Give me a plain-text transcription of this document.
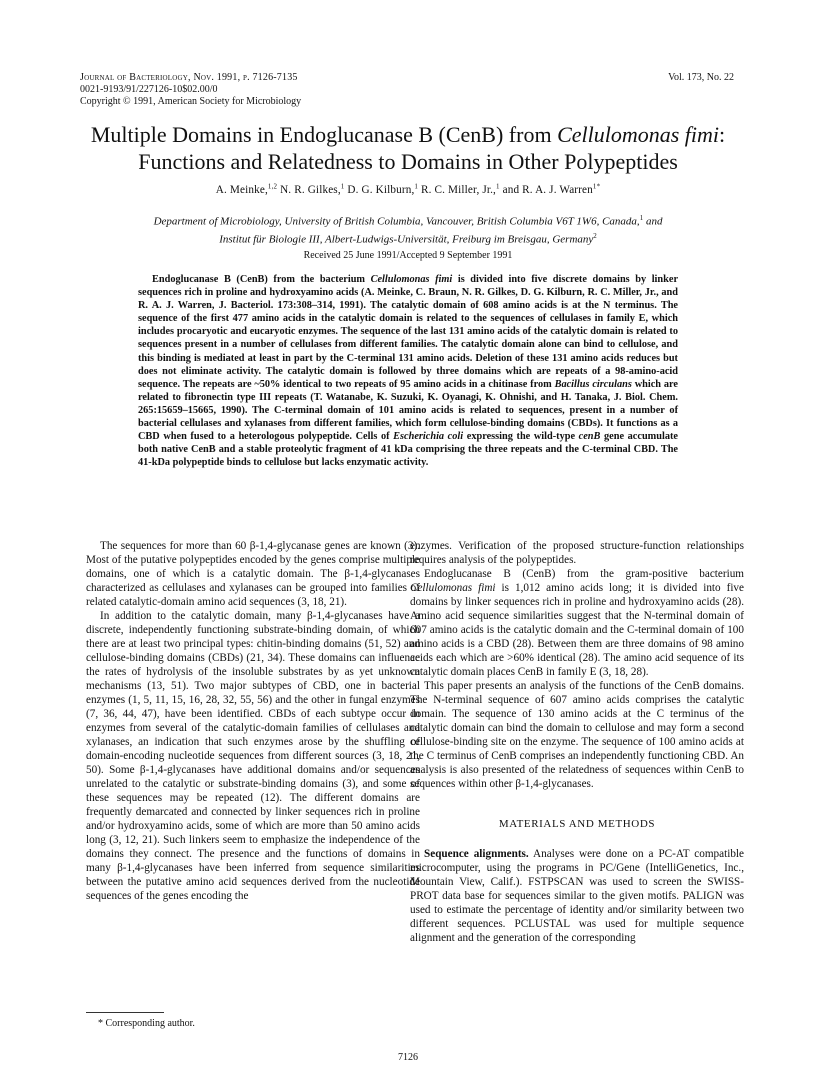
Journal of Bacteriology, Nov. 1991, p. 7126-7135
0021-9193/91/227126-10$02.00/0
Copyright © 1991, American Society for Microbiology
Vol. 173, No. 22
Multiple Domains in Endoglucanase B (CenB) from Cellulomonas fimi: Functions and Relatedness to Domains in Other Polypeptides
A. Meinke,$^{1,2}$ N. R. Gilkes,$^1$ D. G. Kilburn,$^1$ R. C. Miller, Jr.,$^1$ and R. A. J. Warren$^{1*}$
Department of Microbiology, University of British Columbia, Vancouver, British Columbia V6T 1W6, Canada,$^1$ and
Institut für Biologie III, Albert-Ludwigs-Universität, Freiburg im Breisgau, Germany$^2$
Received 25 June 1991/Accepted 9 September 1991

Endoglucanase B (CenB) from the bacterium Cellulomonas fimi is divided into five discrete domains by linker sequences rich in proline and hydroxyamino acids (A. Meinke, C. Braun, N. R. Gilkes, D. G. Kilburn, R. C. Miller, Jr., and R. A. J. Warren, J. Bacteriol. 173:308–314, 1991). The catalytic domain of 608 amino acids is at the N terminus. The sequence of the first 477 amino acids in the catalytic domain is related to the sequences of cellulases in family E, which includes procaryotic and eucaryotic enzymes. The sequence of the last 131 amino acids of the catalytic domain is related to sequences present in a number of cellulases from different families. The catalytic domain alone can bind to cellulose, and this binding is mediated at least in part by the C-terminal 131 amino acids. Deletion of these 131 amino acids reduces but does not eliminate activity. The catalytic domain is followed by three domains which are repeats of a 98-amino-acid sequence. The repeats are ~50% identical to two repeats of 95 amino acids in a chitinase from Bacillus circulans which are related to fibronectin type III repeats (T. Watanabe, K. Suzuki, K. Oyanagi, K. Ohnishi, and H. Tanaka, J. Biol. Chem. 265:15659–15665, 1990). The C-terminal domain of 101 amino acids is related to sequences, present in a number of bacterial cellulases and xylanases from different families, which form cellulose-binding domains (CBDs). It functions as a CBD when fused to a heterologous polypeptide. Cells of Escherichia coli expressing the wild-type cenB gene accumulate both native CenB and a stable proteolytic fragment of 41 kDa comprising the three repeats and the C-terminal CBD. The 41-kDa polypeptide binds to cellulose but lacks enzymatic activity.

The sequences for more than 60 β-1,4-glycanase genes are known (3). Most of the putative polypeptides encoded by the genes comprise multiple domains, one of which is a catalytic domain. The β-1,4-glycanases characterized as cellulases and xylanases can be grouped into families of related catalytic-domain amino acid sequences (3, 18, 21).

In addition to the catalytic domain, many β-1,4-glycanases have a discrete, independently functioning substrate-binding domain, of which there are at least two principal types: chitin-binding domains (51, 52) and cellulose-binding domains (CBDs) (21, 34). These domains can influence the rates of hydrolysis of the insoluble substrates by as yet unknown mechanisms (13, 51). Two major subtypes of CBD, one in bacterial enzymes (1, 5, 11, 15, 16, 28, 32, 55, 56) and the other in fungal enzymes (7, 36, 44, 47), have been identified. CBDs of each subtype occur in enzymes from several of the catalytic-domain families of cellulases and xylanases, an indication that such enzymes arose by the shuffling of domain-encoding nucleotide sequences from different sources (3, 18, 21, 50). Some β-1,4-glycanases have additional domains and/or sequences unrelated to the catalytic or substrate-binding domains (3), and some of these sequences may be repeated (12). The different domains are frequently demarcated and connected by linker sequences rich in proline and/or hydroxyamino acids, some of which are more than 50 amino acids long (3, 12, 21). Such linkers seem to emphasize the independence of the domains they connect. The presence and the functions of domains in many β-1,4-glycanases have been inferred from sequence similarities between the putative amino acid sequences derived from the nucleotide sequences of the genes encoding the

enzymes. Verification of the proposed structure-function relationships requires analysis of the polypeptides.

Endoglucanase B (CenB) from the gram-positive bacterium Cellulomonas fimi is 1,012 amino acids long; it is divided into five domains by linker sequences rich in proline and hydroxyamino acids (28). Amino acid sequence similarities suggest that the N-terminal domain of 607 amino acids is the catalytic domain and the C-terminal domain of 100 amino acids is a CBD (28). Between them are three domains of 98 amino acids each which are >60% identical (28). The amino acid sequence of its catalytic domain places CenB in family E (3, 18, 28).

This paper presents an analysis of the functions of the CenB domains. The N-terminal sequence of 607 amino acids comprises the catalytic domain. The sequence of 130 amino acids at the C terminus of the catalytic domain can bind the domain to cellulose and may form a second cellulose-binding site on the enzyme. The sequence of 100 amino acids at the C terminus of CenB comprises an independently functioning CBD. An analysis is also presented of the relatedness of sequences within CenB to sequences within other β-1,4-glycanases.

MATERIALS AND METHODS

Sequence alignments. Analyses were done on a PC-AT compatible microcomputer, using the programs in PC/Gene (IntelliGenetics, Inc., Mountain View, Calif.). FSTPSCAN was used to screen the SWISS-PROT data base for sequences similar to the given motifs. PALIGN was used to estimate the percentage of identity and/or similarity between two different sequences. PCLUSTAL was used for multiple sequence alignment and the generation of the corresponding

* Corresponding author.
7126
